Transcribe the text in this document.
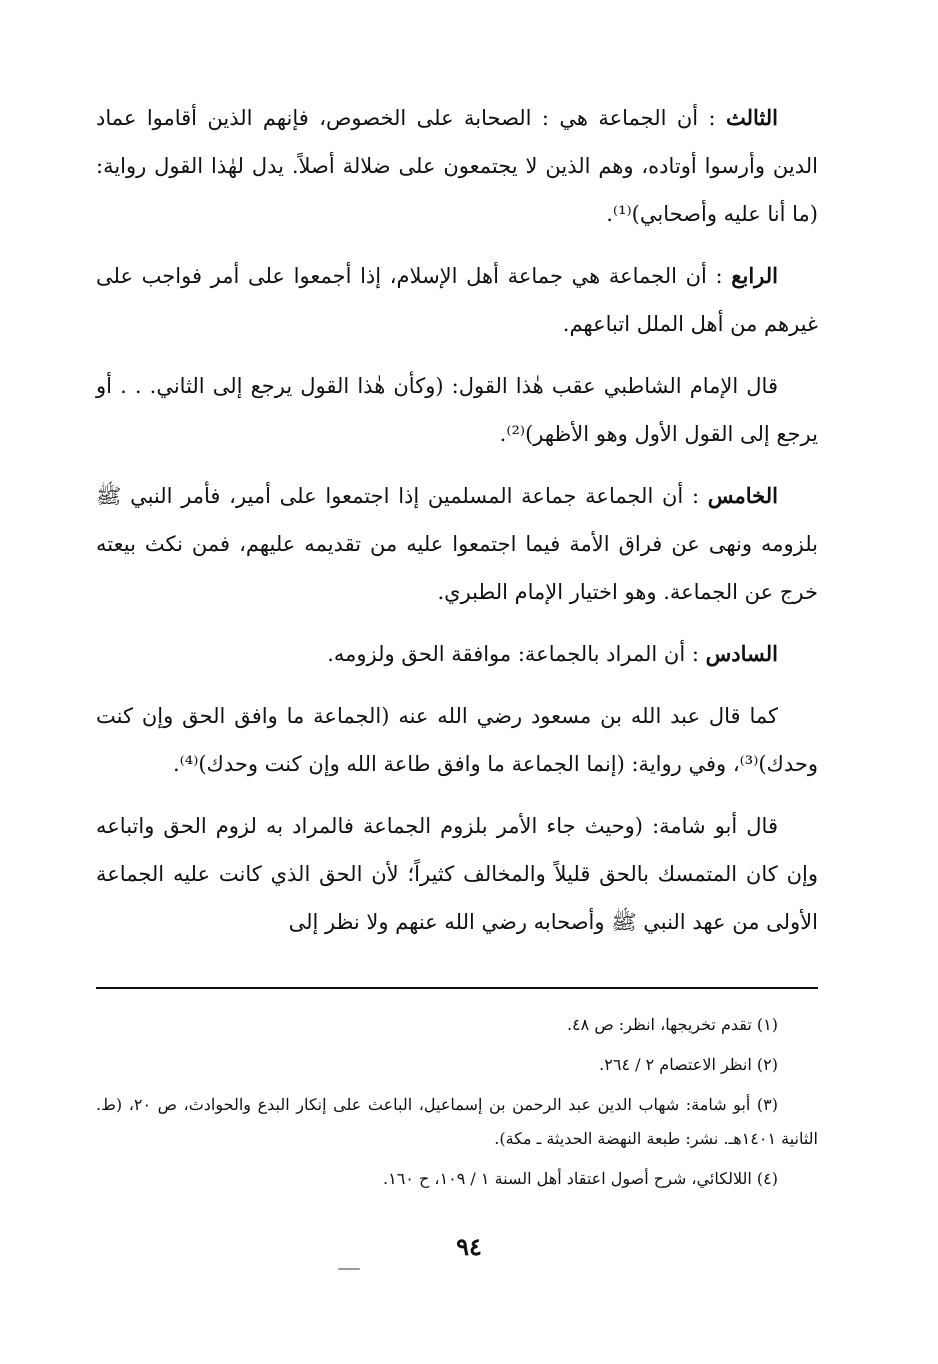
الثالث : أن الجماعة هي : الصحابة على الخصوص، فإنهم الذين أقاموا عماد الدين وأرسوا أوتاده، وهم الذين لا يجتمعون على ضلالة أصلاً. يدل لهٰذا القول رواية: (ما أنا عليه وأصحابي)⁽¹⁾.

الرابع : أن الجماعة هي جماعة أهل الإسلام، إذا أجمعوا على أمر فواجب على غيرهم من أهل الملل اتباعهم.

قال الإمام الشاطبي عقب هٰذا القول: (وكأن هٰذا القول يرجع إلى الثاني. . . أو يرجع إلى القول الأول وهو الأظهر)⁽²⁾.

الخامس : أن الجماعة جماعة المسلمين إذا اجتمعوا على أمير، فأمر النبي ﷺ بلزومه ونهى عن فراق الأمة فيما اجتمعوا عليه من تقديمه عليهم، فمن نكث بيعته خرج عن الجماعة. وهو اختيار الإمام الطبري.

السادس : أن المراد بالجماعة: موافقة الحق ولزومه.

كما قال عبد الله بن مسعود رضي الله عنه (الجماعة ما وافق الحق وإن كنت وحدك)⁽³⁾، وفي رواية: (إنما الجماعة ما وافق طاعة الله وإن كنت وحدك)⁽⁴⁾.

قال أبو شامة: (وحيث جاء الأمر بلزوم الجماعة فالمراد به لزوم الحق واتباعه وإن كان المتمسك بالحق قليلاً والمخالف كثيراً؛ لأن الحق الذي كانت عليه الجماعة الأولى من عهد النبي ﷺ وأصحابه رضي الله عنهم ولا نظر إلى

(١) تقدم تخريجها، انظر: ص ٤٨.

(٢) انظر الاعتصام ٢ / ٢٦٤.

(٣) أبو شامة: شهاب الدين عبد الرحمن بن إسماعيل، الباعث على إنكار البدع والحوادث، ص ٢٠، (ط. الثانية ١٤٠١هـ. نشر: طبعة النهضة الحديثة ـ مكة).

(٤) اللالكائي، شرح أصول اعتقاد أهل السنة ١ / ١٠٩، ح ١٦٠.

٩٤
